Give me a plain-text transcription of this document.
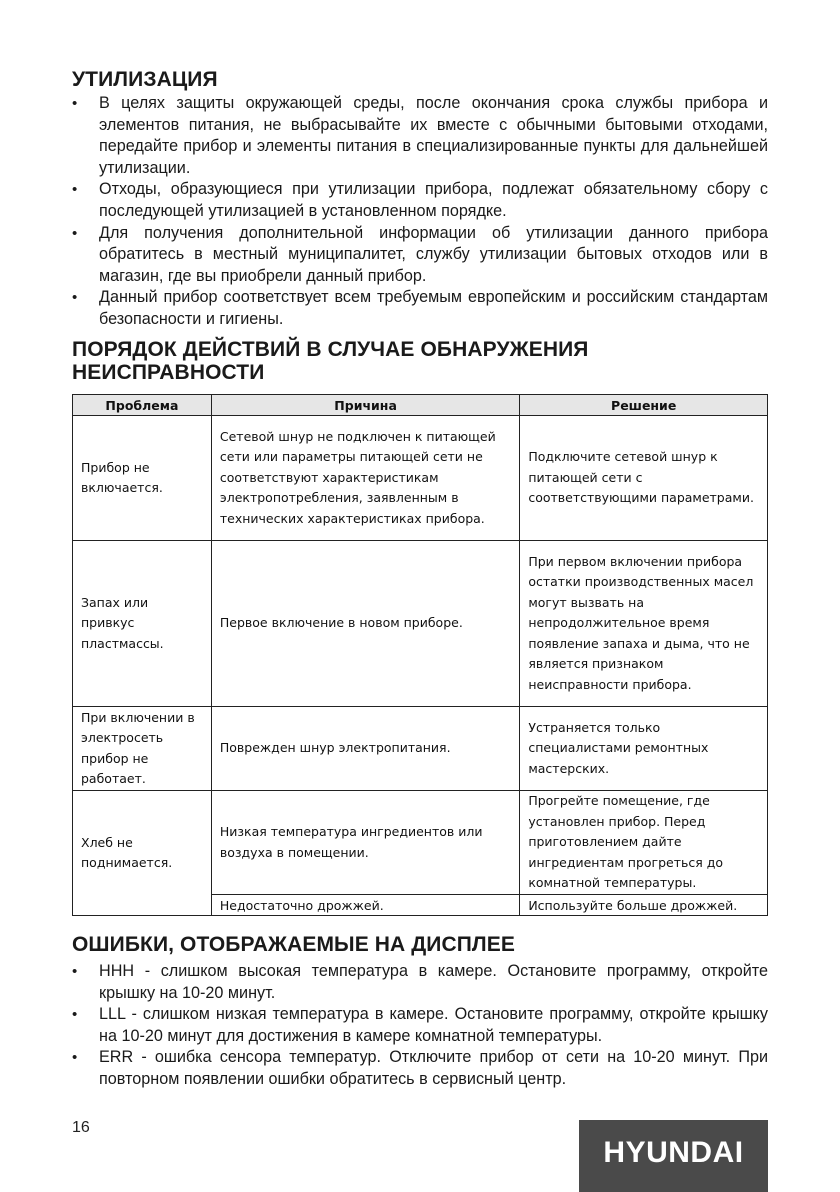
УТИЛИЗАЦИЯ
• В целях защиты окружающей среды, после окончания срока службы прибора и элементов питания, не выбрасывайте их вместе с обычными бытовыми отходами, передайте прибор и элементы питания в специализированные пункты для дальнейшей утилизации.
• Отходы, образующиеся при утилизации прибора, подлежат обязательному сбору с последующей утилизацией в установленном порядке.
• Для получения дополнительной информации об утилизации данного прибора обратитесь в местный муниципалитет, службу утилизации бытовых отходов или в магазин, где вы приобрели данный прибор.
• Данный прибор соответствует всем требуемым европейским и российским стандартам безопасности и гигиены.
ПОРЯДОК ДЕЙСТВИЙ В СЛУЧАЕ ОБНАРУЖЕНИЯ
НЕИСПРАВНОСТИ
Проблема	Причина	Решение
Прибор не включается.	Сетевой шнур не подключен к питающей сети или параметры питающей сети не соответствуют характеристикам электропотребления, заявленным в технических характеристиках прибора.	Подключите сетевой шнур к питающей сети с соответствующими параметрами.
Запах или привкус пластмассы.	Первое включение в новом приборе.	При первом включении прибора остатки производственных масел могут вызвать на непродолжительное время появление запаха и дыма, что не является признаком неисправности прибора.
При включении в электросеть прибор не работает.	Поврежден шнур электропитания.	Устраняется только специалистами ремонтных мастерских.
Хлеб не поднимается.	Низкая температура ингредиентов или воздуха в помещении.	Прогрейте помещение, где установлен прибор. Перед приготовлением дайте ингредиентам прогреться до комнатной температуры.
	Недостаточно дрожжей.	Используйте больше дрожжей.
ОШИБКИ, ОТОБРАЖАЕМЫЕ НА ДИСПЛЕЕ
• HHH - слишком высокая температура в камере. Остановите программу, откройте крышку на 10-20 минут.
• LLL - слишком низкая температура в камере. Остановите программу, откройте крышку на 10-20 минут для достижения в камере комнатной температуры.
• ERR - ошибка сенсора температур. Отключите прибор от сети на 10-20 минут. При повторном появлении ошибки обратитесь в сервисный центр.
16
HYUNDAI
